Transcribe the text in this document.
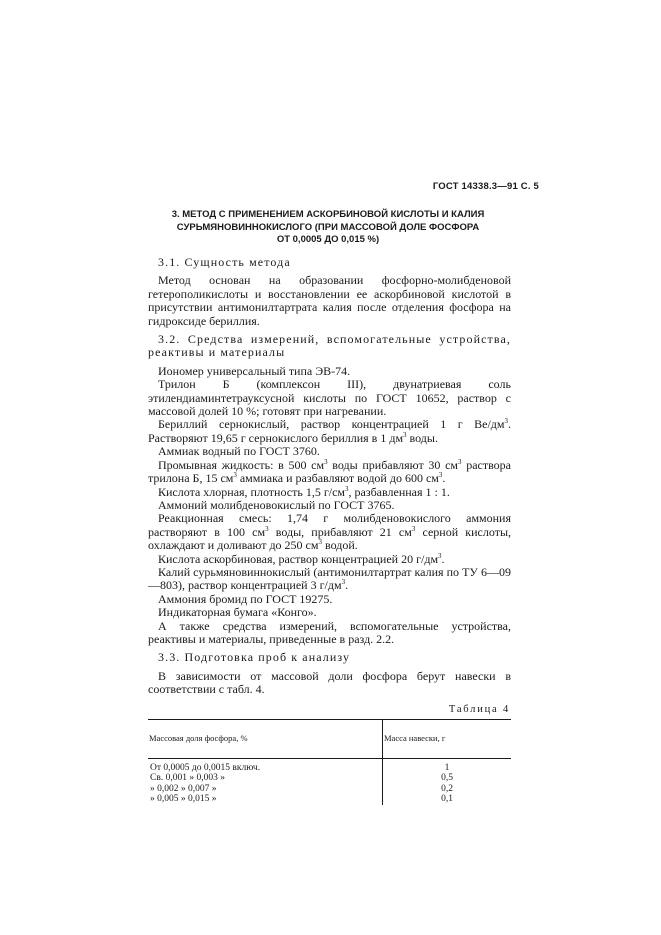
ГОСТ 14338.3—91 С. 5
3. МЕТОД С ПРИМЕНЕНИЕМ АСКОРБИНОВОЙ КИСЛОТЫ И КАЛИЯ
СУРЬМЯНОВИННОКИСЛОГО (ПРИ МАССОВОЙ ДОЛЕ ФОСФОРА
ОТ 0,0005 ДО 0,015 %)

3.1. Сущность метода

Метод основан на образовании фосфорно-молибденовой гетерополикислоты и восстановлении ее аскорбиновой кислотой в присутствии антимонилтартрата калия после отделения фосфора на гидроксиде бериллия.

3.2. Средства измерений, вспомогательные устройства, реактивы и материалы

Иономер универсальный типа ЭВ-74.

Трилон Б (комплексон III), двунатриевая соль этилендиаминтетрауксусной кислоты по ГОСТ 10652, раствор с массовой долей 10 %; готовят при нагревании.

Бериллий сернокислый, раствор концентрацией 1 г $Ве/дм^3$. Растворяют 19,65 г сернокислого бериллия в 1 $дм^3$ воды.

Аммиак водный по ГОСТ 3760.

Промывная жидкость: в 500 $см^3$ воды прибавляют 30 $см^3$ раствора трилона Б, 15 $см^3$ аммиака и разбавляют водой до 600 $см^3$.

Кислота хлорная, плотность 1,5 $г/см^3$, разбавленная 1 : 1.

Аммоний молибденовокислый по ГОСТ 3765.

Реакционная смесь: 1,74 г молибденовокислого аммония растворяют в 100 $см^3$ воды, прибавляют 21 $см^3$ серной кислоты, охлаждают и доливают до 250 $см^3$ водой.

Кислота аскорбиновая, раствор концентрацией 20 $г/дм^3$.

Калий сурьмяновиннокислый (антимонилтартрат калия по ТУ 6—09—803), раствор концентрацией 3 $г/дм^3$.

Аммония бромид по ГОСТ 19275.

Индикаторная бумага «Конго».

А также средства измерений, вспомогательные устройства, реактивы и материалы, приведенные в разд. 2.2.

3.3. Подготовка проб к анализу

В зависимости от массовой доли фосфора берут навески в соответствии с табл. 4.

Таблица 4

Массовая доля фосфора, %	Масса навески, г
От 0,0005 до 0,0015 включ.	1
Св. 0,001 » 0,003 »	0,5
» 0,002 » 0,007 »	0,2
» 0,005 » 0,015 »	0,1
